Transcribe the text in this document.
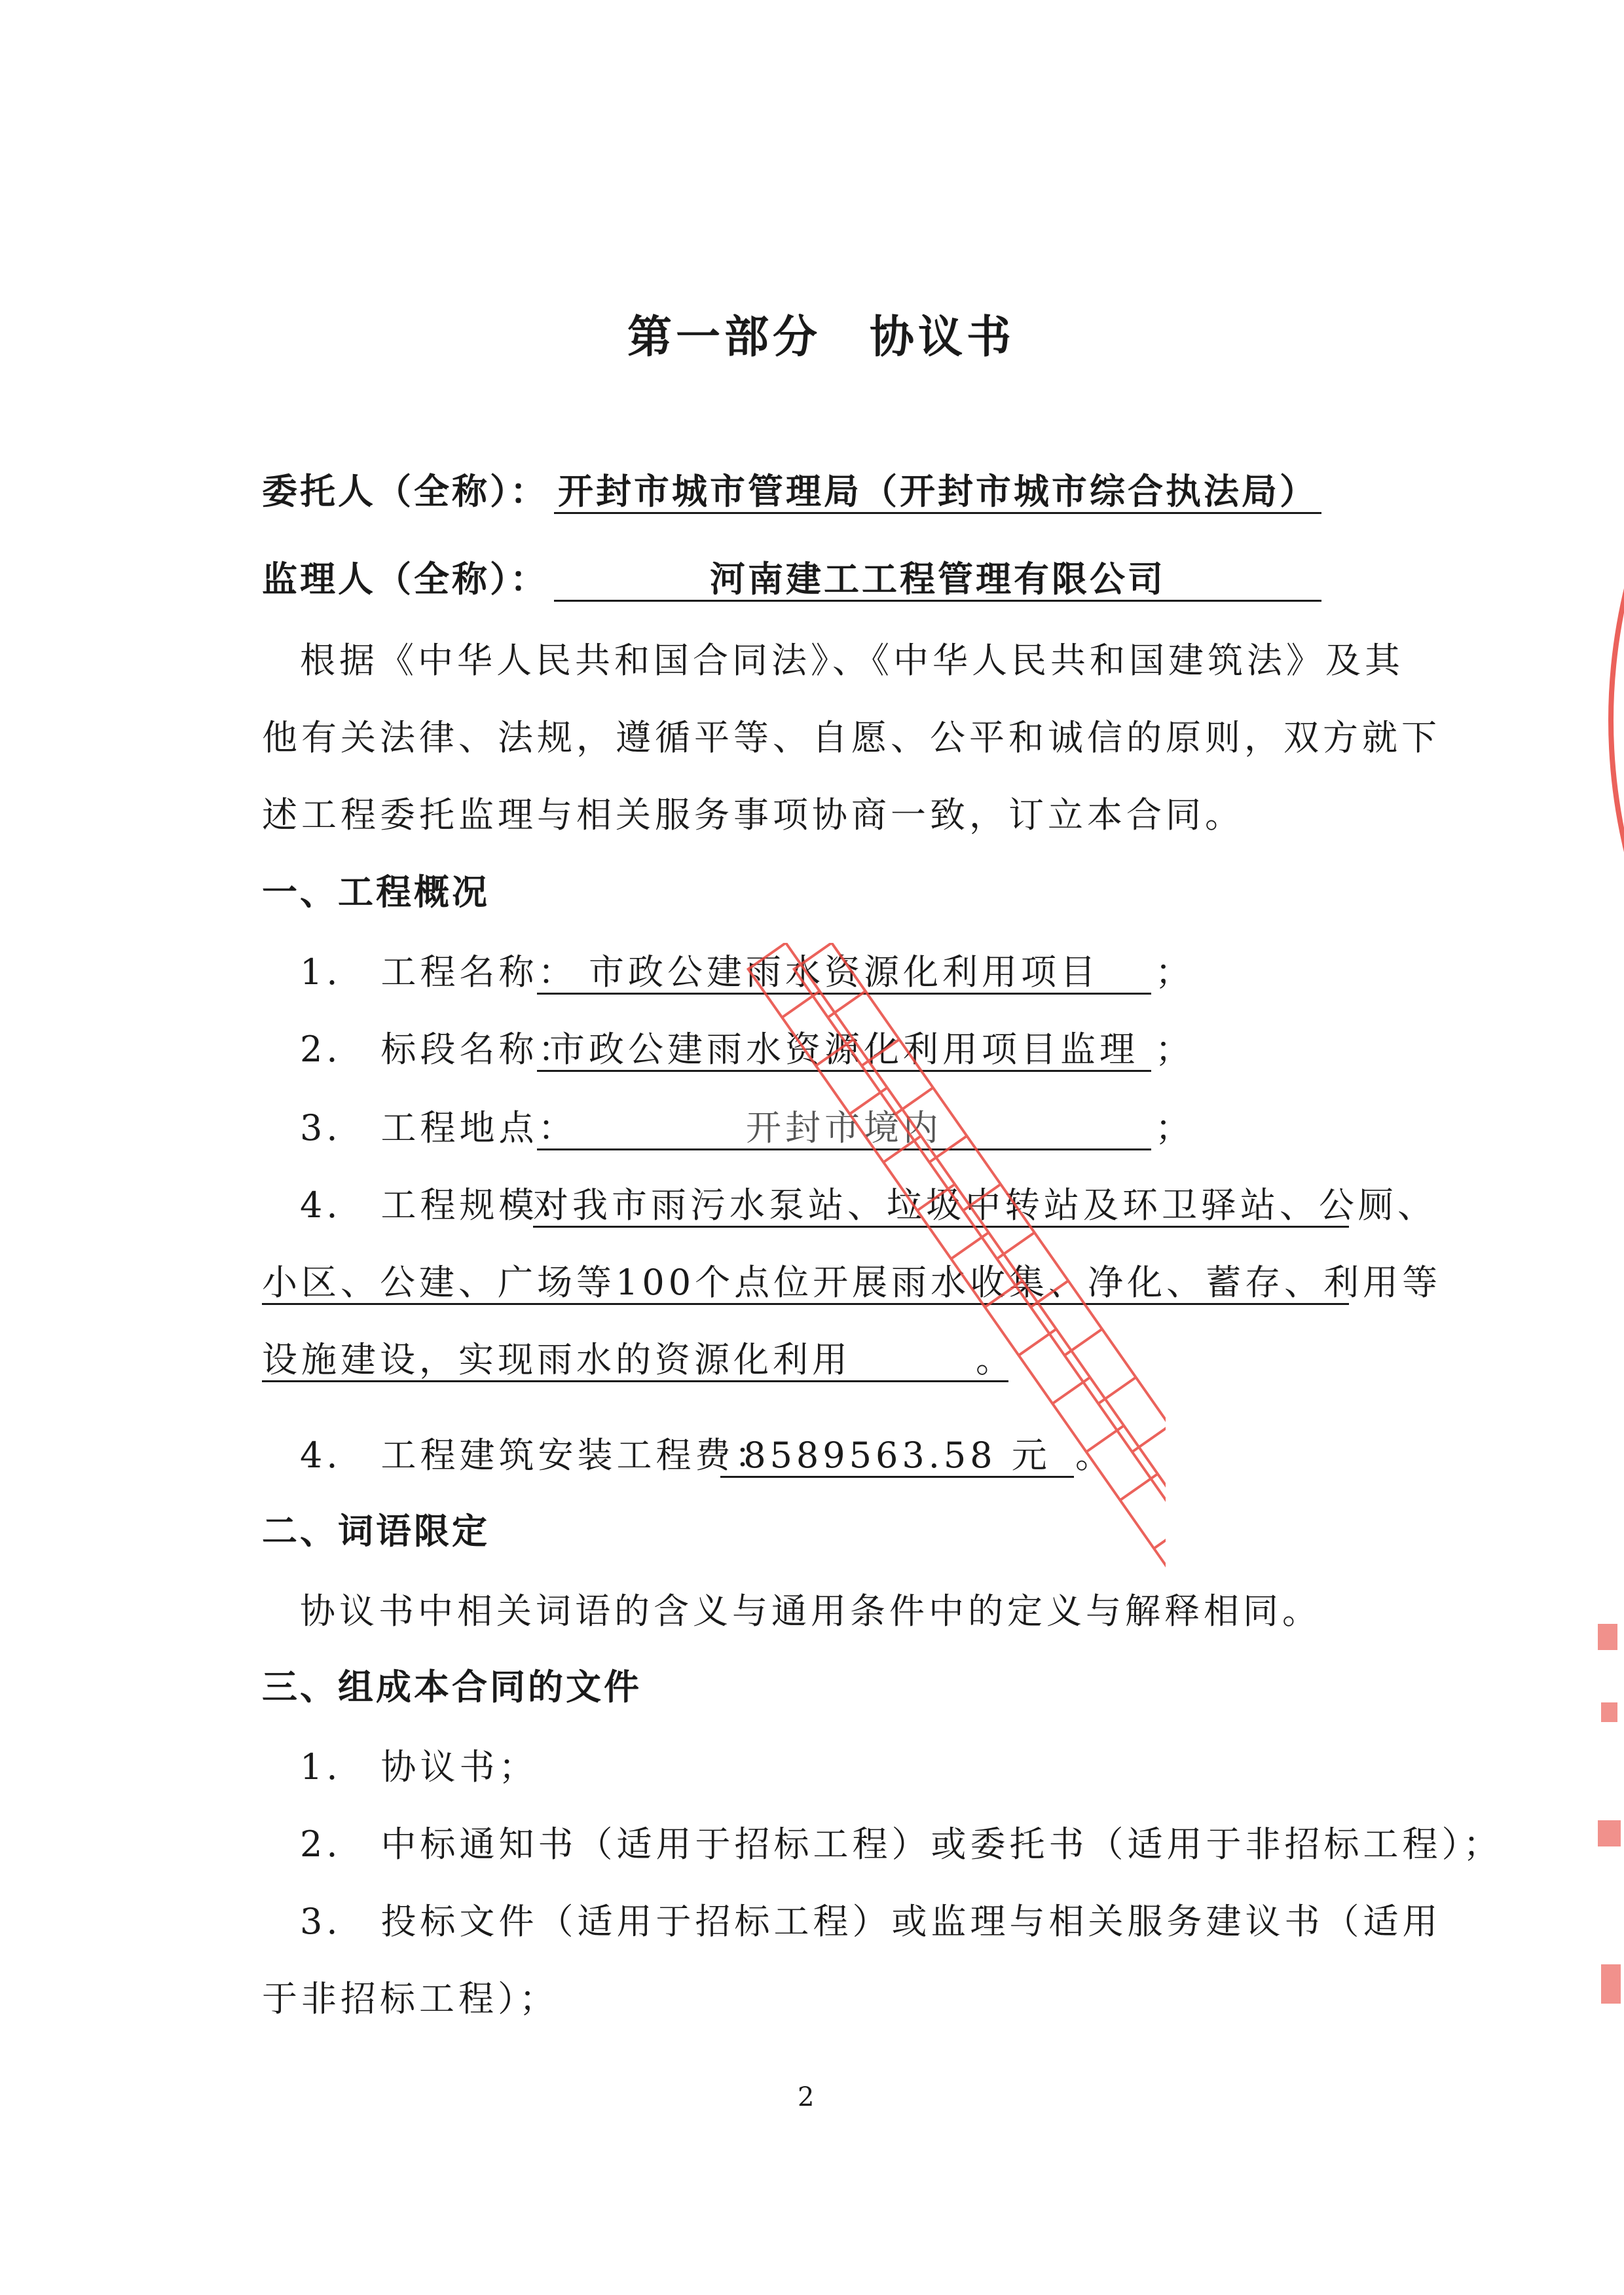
第一部分　协议书
委托人（全称）： 开封市城市管理局（开封市城市综合执法局）
监理人（全称）：	河南建工工程管理有限公司
根据《中华人民共和国合同法》、《中华人民共和国建筑法》及其
他有关法律、法规，遵循平等、自愿、公平和诚信的原则，双方就下
述工程委托监理与相关服务事项协商一致，订立本合同。
一、工程概况
1.　工程名称： 市政公建雨水资源化利用项目	；
2.　标段名称：
市政公建雨水资源化利用项目监理 ；
3.　工程地点：	开封市境内	；
4.　工程规模：
对我市雨污水泵站、垃圾中转站及环卫驿站、公厕、
小区、公建、广场等100个点位开展雨水收集、净化、蓄存、利用等
设施建设，实现雨水的资源化利用	。
4.　工程建筑安装工程费：
8589563.58 元 。
二、词语限定
协议书中相关词语的含义与通用条件中的定义与解释相同。
三、组成本合同的文件
1.　协议书；
2.　中标通知书（适用于招标工程）或委托书（适用于非招标工程）；
3.　投标文件（适用于招标工程）或监理与相关服务建议书（适用
于非招标工程）；
2
